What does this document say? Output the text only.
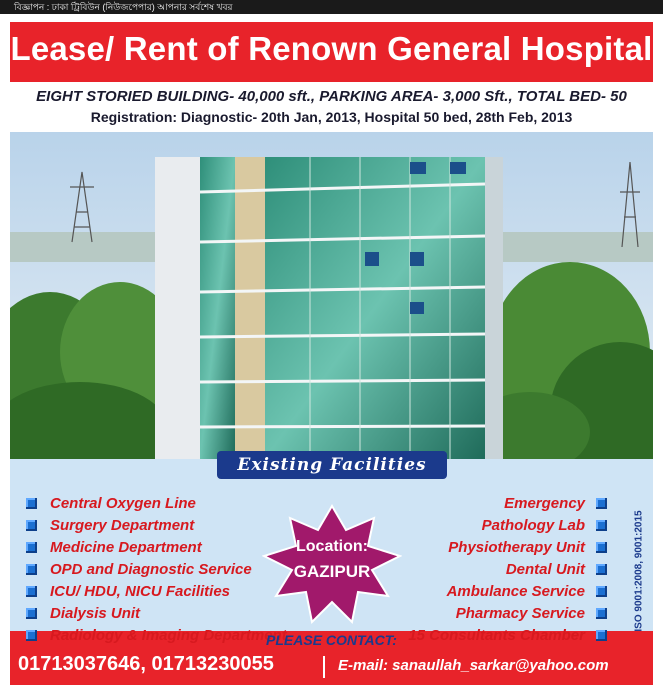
বিজ্ঞাপন : ঢাকা ট্রিবিউন (নিউজপেপার) আপনার সর্বশেষ খবর
Lease/ Rent of Renown General Hospital
EIGHT STORIED BUILDING- 40,000 sft., PARKING AREA- 3,000 Sft., TOTAL BED- 50
Registration: Diagnostic- 20th Jan, 2013, Hospital 50 bed, 28th Feb, 2013
Existing Facilities
Central Oxygen Line
Surgery Department
Medicine Department
OPD and Diagnostic Service
ICU/ HDU, NICU Facilities
Dialysis Unit
Radiology & Imaging Department
Emergency
Pathology Lab
Physiotherapy Unit
Dental Unit
Ambulance Service
Pharmacy Service
15 Consultants Chamber
ISO 9001:2008, 9001:2015
Location:
GAZIPUR
PLEASE CONTACT:
01713037646, 01713230055	E-mail: sanaullah_sarkar@yahoo.com
